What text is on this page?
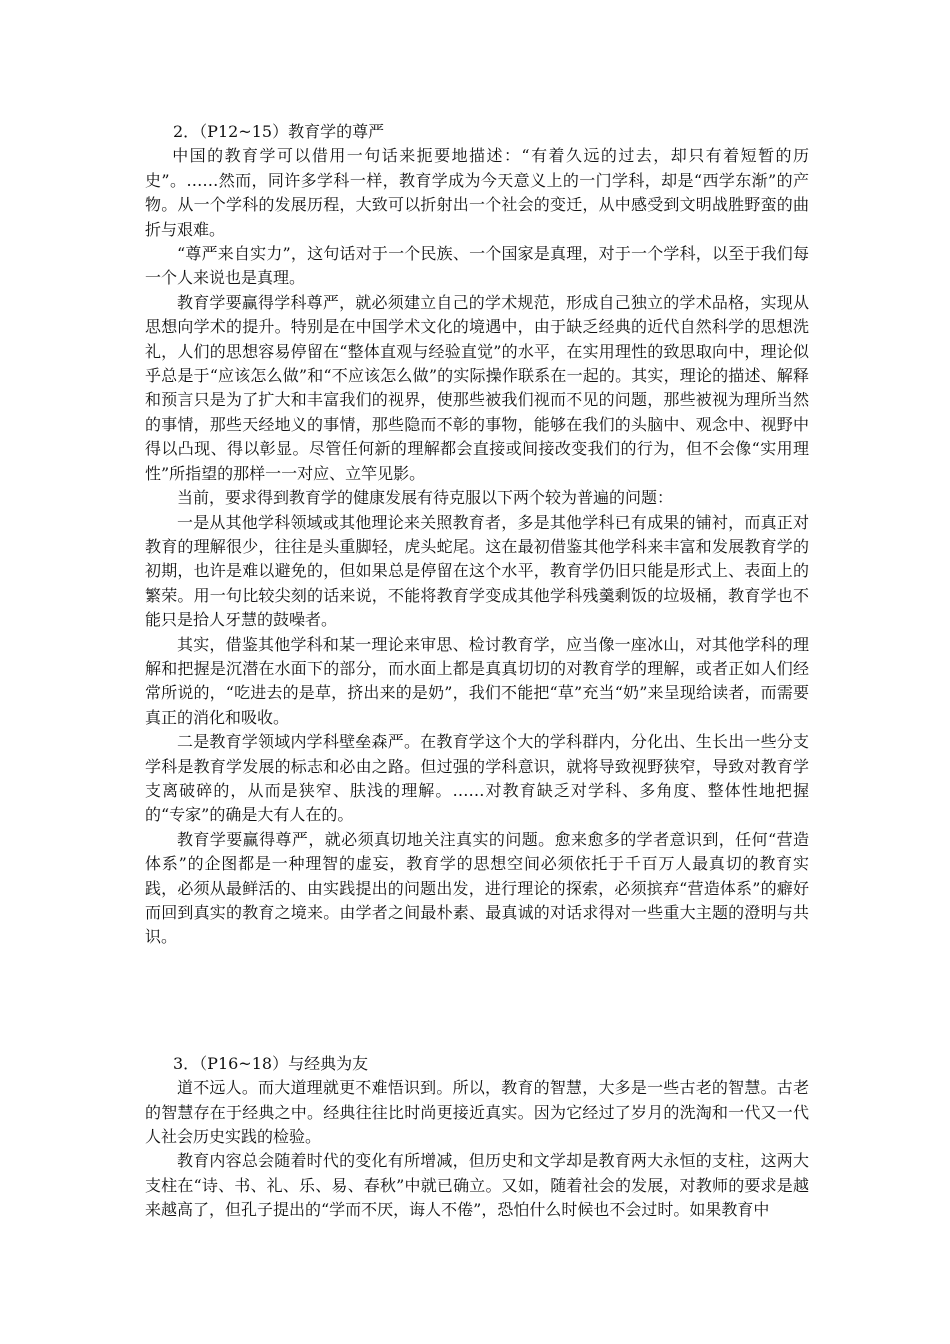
2．（P12~15）教育学的尊严

中国的教育学可以借用一句话来扼要地描述：“有着久远的过去，却只有着短暂的历史”。……然而，同许多学科一样，教育学成为今天意义上的一门学科，却是“西学东渐”的产物。从一个学科的发展历程，大致可以折射出一个社会的变迁，从中感受到文明战胜野蛮的曲折与艰难。

“尊严来自实力”，这句话对于一个民族、一个国家是真理，对于一个学科，以至于我们每一个人来说也是真理。

教育学要赢得学科尊严，就必须建立自己的学术规范，形成自己独立的学术品格，实现从思想向学术的提升。特别是在中国学术文化的境遇中，由于缺乏经典的近代自然科学的思想洗礼，人们的思想容易停留在“整体直观与经验直觉”的水平，在实用理性的致思取向中，理论似乎总是于“应该怎么做”和“不应该怎么做”的实际操作联系在一起的。其实，理论的描述、解释和预言只是为了扩大和丰富我们的视界，使那些被我们视而不见的问题，那些被视为理所当然的事情，那些天经地义的事情，那些隐而不彰的事物，能够在我们的头脑中、观念中、视野中得以凸现、得以彰显。尽管任何新的理解都会直接或间接改变我们的行为，但不会像“实用理性”所指望的那样一一对应、立竿见影。

当前，要求得到教育学的健康发展有待克服以下两个较为普遍的问题：

一是从其他学科领域或其他理论来关照教育者，多是其他学科已有成果的铺衬，而真正对教育的理解很少，往往是头重脚轻，虎头蛇尾。这在最初借鉴其他学科来丰富和发展教育学的初期，也许是难以避免的，但如果总是停留在这个水平，教育学仍旧只能是形式上、表面上的繁荣。用一句比较尖刻的话来说，不能将教育学变成其他学科残羹剩饭的垃圾桶，教育学也不能只是拾人牙慧的鼓噪者。

其实，借鉴其他学科和某一理论来审思、检讨教育学，应当像一座冰山，对其他学科的理解和把握是沉潜在水面下的部分，而水面上都是真真切切的对教育学的理解，或者正如人们经常所说的，“吃进去的是草，挤出来的是奶”，我们不能把“草”充当“奶”来呈现给读者，而需要真正的消化和吸收。

二是教育学领域内学科壁垒森严。在教育学这个大的学科群内，分化出、生长出一些分支学科是教育学发展的标志和必由之路。但过强的学科意识，就将导致视野狭窄，导致对教育学支离破碎的，从而是狭窄、肤浅的理解。……对教育缺乏对学科、多角度、整体性地把握的“专家”的确是大有人在的。

教育学要赢得尊严，就必须真切地关注真实的问题。愈来愈多的学者意识到，任何“营造体系”的企图都是一种理智的虚妄，教育学的思想空间必须依托于千百万人最真切的教育实践，必须从最鲜活的、由实践提出的问题出发，进行理论的探索，必须摈弃“营造体系”的癖好而回到真实的教育之境来。由学者之间最朴素、最真诚的对话求得对一些重大主题的澄明与共识。

3．（P16~18）与经典为友

道不远人。而大道理就更不难悟识到。所以，教育的智慧，大多是一些古老的智慧。古老的智慧存在于经典之中。经典往往比时尚更接近真实。因为它经过了岁月的洗淘和一代又一代人社会历史实践的检验。

教育内容总会随着时代的变化有所增减，但历史和文学却是教育两大永恒的支柱，这两大支柱在“诗、书、礼、乐、易、春秋”中就已确立。又如，随着社会的发展，对教师的要求是越来越高了，但孔子提出的“学而不厌，诲人不倦”，恐怕什么时候也不会过时。如果教育中
